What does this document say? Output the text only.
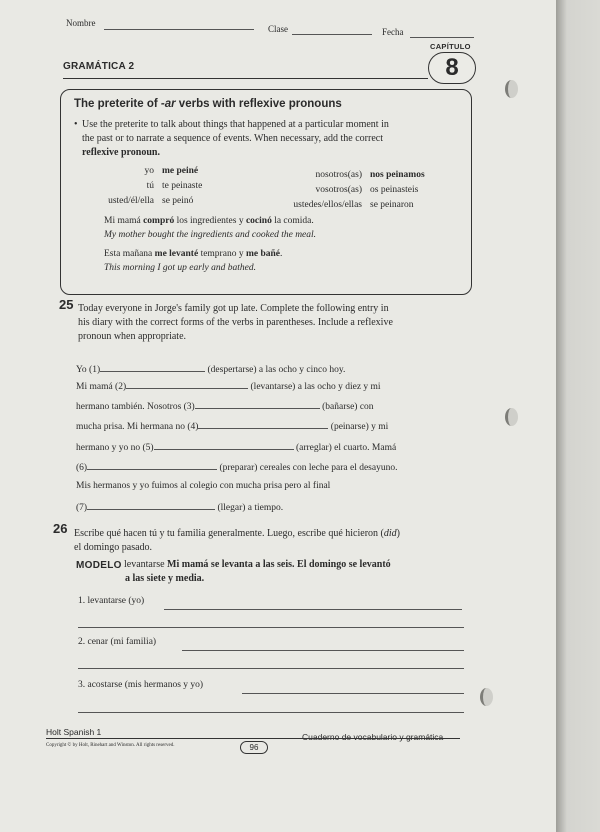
Nombre
Clase	Fecha
CAPÍTULO
8
GRAMÁTICA 2
The preterite of -ar verbs with reflexive pronouns
• Use the preterite to talk about things that happened at a particular moment in
the past or to narrate a sequence of events. When necessary, add the correct
reflexive pronoun.
yo me peiné
tú te peinaste
usted/él/ella se peinó
nosotros(as) nos peinamos
vosotros(as) os peinasteis
ustedes/ellos/ellas se peinaron
Mi mamá compró los ingredientes y cocinó la comida.
My mother bought the ingredients and cooked the meal.
Esta mañana me levanté temprano y me bañé.
This morning I got up early and bathed.
25 Today everyone in Jorge's family got up late. Complete the following entry in
his diary with the correct forms of the verbs in parentheses. Include a reflexive
pronoun when appropriate.
Yo (1)	(despertarse) a las ocho y cinco hoy.
Mi mamá (2)	(levantarse) a las ocho y diez y mi
hermano también. Nosotros (3)	(bañarse) con
mucha prisa. Mi hermana no (4)	(peinarse) y mi
hermano y yo no (5)	(arreglar) el cuarto. Mamá
(6)	(preparar) cereales con leche para el desayuno.
Mis hermanos y yo fuimos al colegio con mucha prisa pero al final
(7)	(llegar) a tiempo.
26 Escribe qué hacen tú y tu familia generalmente. Luego, escribe qué hicieron (did)
el domingo pasado.
MODELO levantarse Mi mamá se levanta a las seis. El domingo se levantó
a las siete y media.
1. levantarse (yo)
2. cenar (mi familia)
3. acostarse (mis hermanos y yo)
Holt Spanish 1	Cuaderno de vocabulario y gramática
Copyright © by Holt, Rinehart and Winston. All rights reserved.	96
